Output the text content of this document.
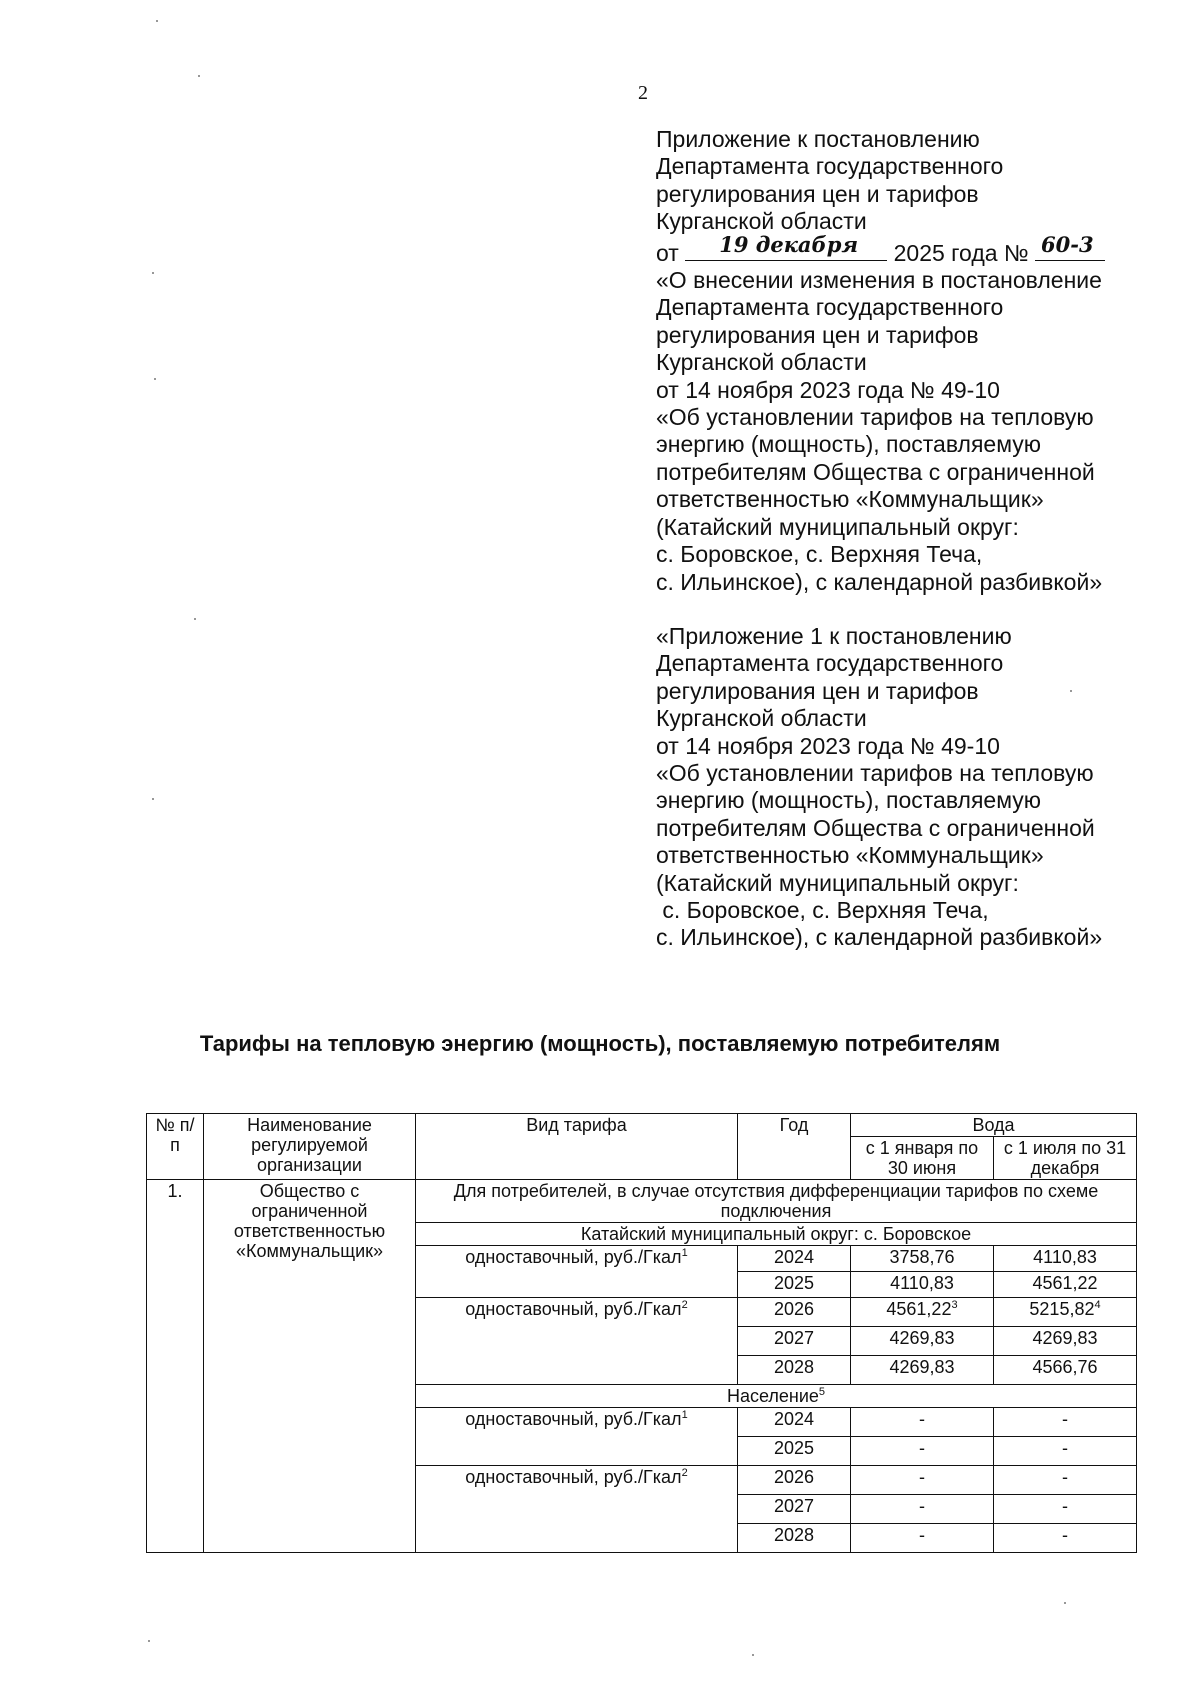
2
Приложение к постановлению
Департамента государственного
регулирования цен и тарифов
Курганской области
от 19 декабря 2025 года № 60-3
«О внесении изменения в постановление
Департамента государственного
регулирования цен и тарифов
Курганской области
от 14 ноября 2023 года № 49-10
«Об установлении тарифов на тепловую
энергию (мощность), поставляемую
потребителям Общества с ограниченной
ответственностью «Коммунальщик»
(Катайский муниципальный округ:
с. Боровское, с. Верхняя Теча,
с. Ильинское), с календарной разбивкой»
«Приложение 1 к постановлению
Департамента государственного
регулирования цен и тарифов
Курганской области
от 14 ноября 2023 года № 49-10
«Об установлении тарифов на тепловую
энергию (мощность), поставляемую
потребителям Общества с ограниченной
ответственностью «Коммунальщик»
(Катайский муниципальный округ:
с. Боровское, с. Верхняя Теча,
с. Ильинское), с календарной разбивкой»
Тарифы на тепловую энергию (мощность), поставляемую потребителям
№ п/п	Наименование регулируемой организации	Вид тарифа	Год	Вода	
				с 1 января по 30 июня	с 1 июля по 31 декабря
1.	Общество с ограниченной ответственностью «Коммунальщик»	Для потребителей, в случае отсутствия дифференциации тарифов по схеме подключения			
		Катайский муниципальный округ: с. Боровское			
		одноставочный, руб./Гкал$^1$	2024	3758,76	4110,83
			2025	4110,83	4561,22
		одноставочный, руб./Гкал$^2$	2026	4561,22$^3$	5215,82$^4$
			2027	4269,83	4269,83
			2028	4269,83	4566,76
		Население$^5$
		одноставочный, руб./Гкал$^1$	2024	-	-
			2025	-	-
		одноставочный, руб./Гкал$^2$	2026	-	-
			2027	-	-
			2028	-	-
